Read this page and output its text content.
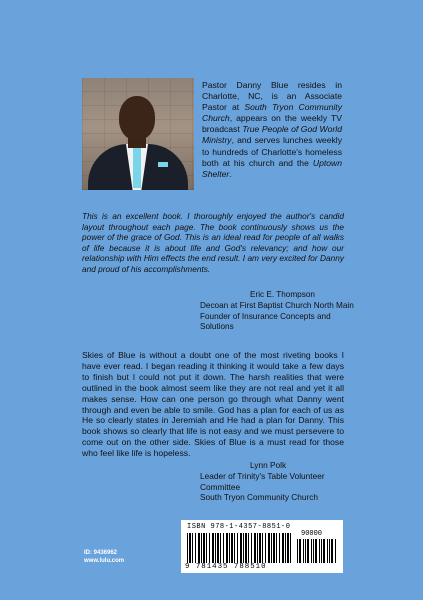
Pastor Danny Blue resides in Charlotte, NC, is an Associate Pastor at South Tryon Community Church, appears on the weekly TV broadcast True People of God World Ministry, and serves lunches weekly to hundreds of Charlotte's homeless both at his church and the Uptown Shelter.
This is an excellent book. I thoroughly enjoyed the author's candid layout throughout each page. The book continuously shows us the power of the grace of God. This is an ideal read for people of all walks of life because it is about life and God's relevancy; and how our relationship with Him effects the end result. I am very excited for Danny and proud of his accomplishments.
Eric E. Thompson
Decoan at First Baptist Church North Main
Founder of Insurance Concepts and Solutions
Skies of Blue is without a doubt one of the most riveting books I have ever read. I began reading it thinking it would take a few days to finish but I could not put it down. The harsh realities that were outlined in the book almost seem like they are not real and yet it all makes sense. How can one person go through what Danny went through and even be able to smile. God has a plan for each of us as He so clearly states in Jeremiah and He had a plan for Danny. This book shows so clearly that life is not easy and we must persevere to come out on the other side. Skies of Blue is a must read for those who feel like life is hopeless.
Lynn Polk
Leader of Trinity's Table Volunteer Committee
South Tryon Community Church
ID: 9436962
www.lulu.com
ISBN 978-1-4357-8851-0
90000
9 781435 788510
